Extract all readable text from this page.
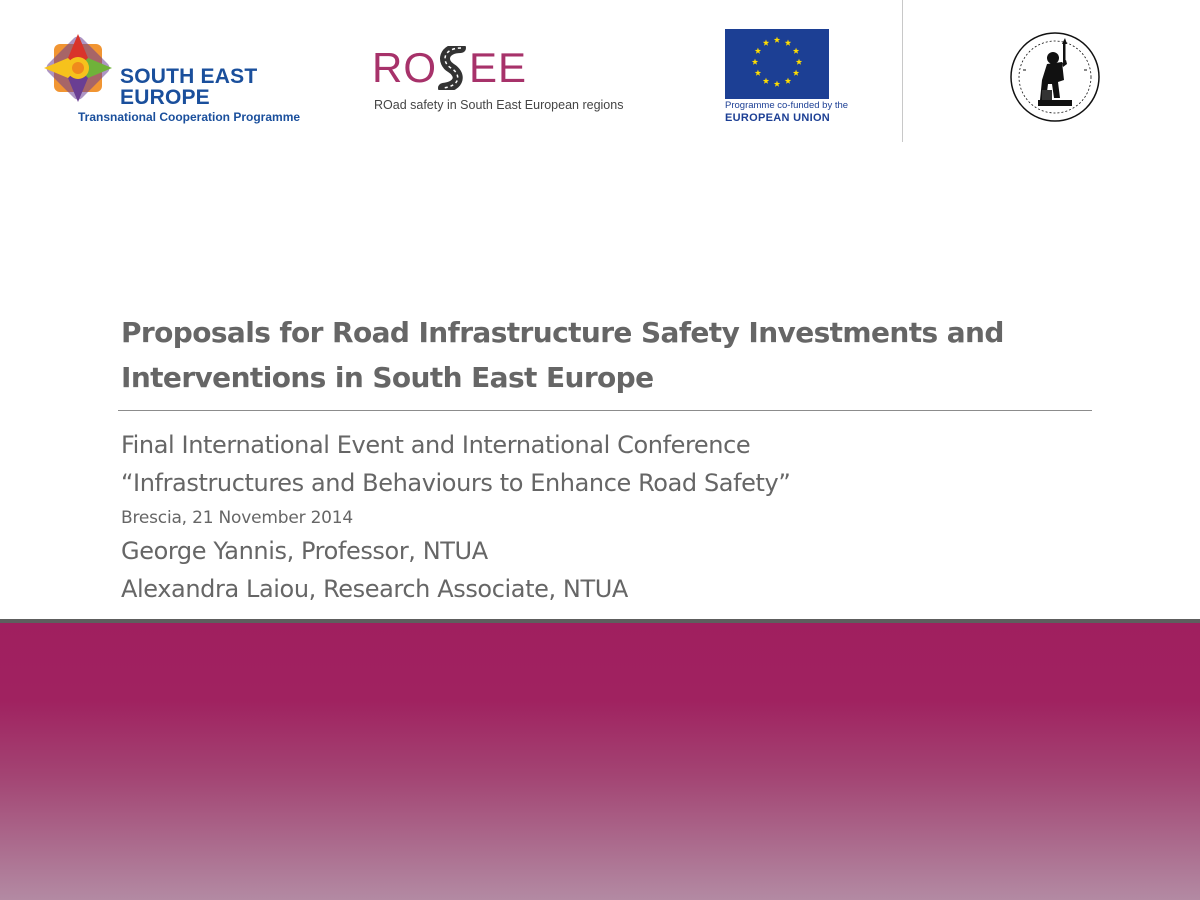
SOUTH EAST
EUROPE
Transnational Cooperation Programme
RO EE
ROad safety in South East European regions	Programme co-funded by the
EUROPEAN UNION
Proposals for Road Infrastructure Safety Investments and
Interventions in South East Europe
Final International Event and International Conference
“Infrastructures and Behaviours to Enhance Road Safety”
Brescia, 21 November 2014
George Yannis, Professor, NTUA
Alexandra Laiou, Research Associate, NTUA
